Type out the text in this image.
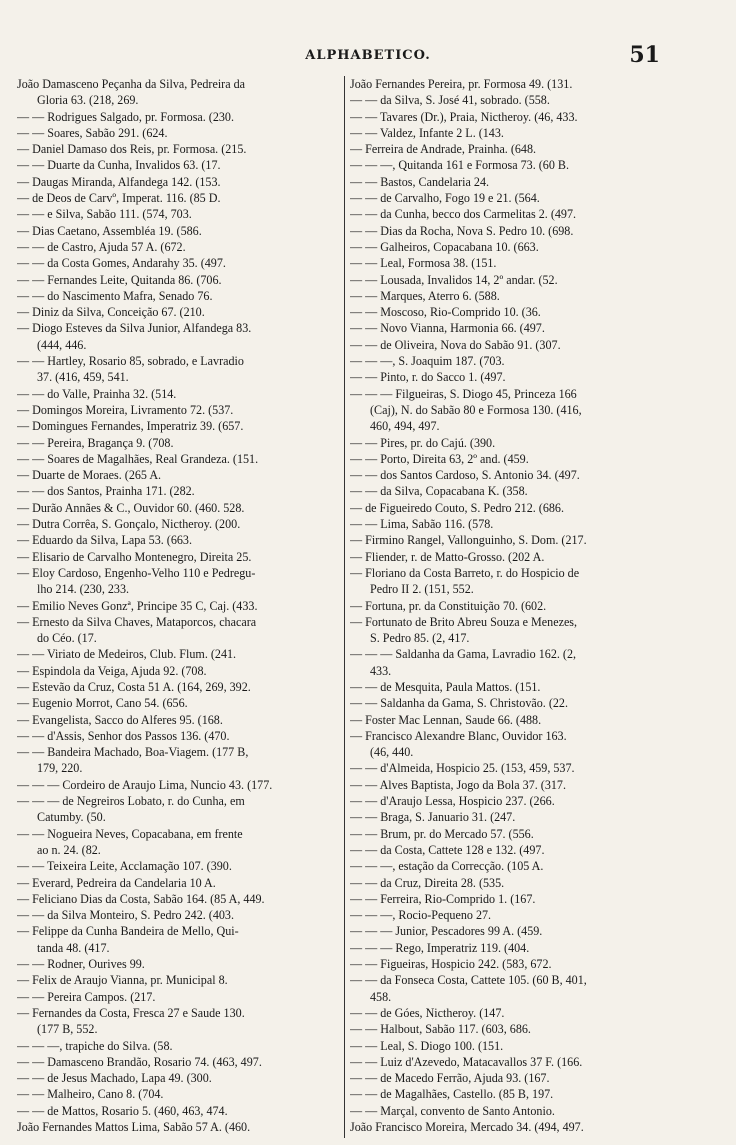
ALPHABETICO.	51
João Damasceno Peçanha da Silva, Pedreira da
Gloria 63. (218, 269.
— — Rodrigues Salgado, pr. Formosa. (230.
— — Soares, Sabão 291. (624.
— Daniel Damaso dos Reis, pr. Formosa. (215.
— — Duarte da Cunha, Invalidos 63. (17.
— Daugas Miranda, Alfandega 142. (153.
— de Deos de Carvº, Imperat. 116. (85 D.
— — e Silva, Sabão 111. (574, 703.
— Dias Caetano, Assembléa 19. (586.
— — de Castro, Ajuda 57 A. (672.
— — da Costa Gomes, Andarahy 35. (497.
— — Fernandes Leite, Quitanda 86. (706.
— — do Nascimento Mafra, Senado 76.
— Diniz da Silva, Conceição 67. (210.
— Diogo Esteves da Silva Junior, Alfandega 83.
(444, 446.
— — Hartley, Rosario 85, sobrado, e Lavradio
37. (416, 459, 541.
— — do Valle, Prainha 32. (514.
— Domingos Moreira, Livramento 72. (537.
— Domingues Fernandes, Imperatriz 39. (657.
— — Pereira, Bragança 9. (708.
— — Soares de Magalhães, Real Grandeza. (151.
— Duarte de Moraes. (265 A.
— — dos Santos, Prainha 171. (282.
— Durão Annães & C., Ouvidor 60. (460. 528.
— Dutra Corrêa, S. Gonçalo, Nictheroy. (200.
— Eduardo da Silva, Lapa 53. (663.
— Elisario de Carvalho Montenegro, Direita 25.
— Eloy Cardoso, Engenho-Velho 110 e Pedregu-
lho 214. (230, 233.
— Emilio Neves Gonzª, Principe 35 C, Caj. (433.
— Ernesto da Silva Chaves, Mataporcos, chacara
do Céo. (17.
— — Viriato de Medeiros, Club. Flum. (241.
— Espindola da Veiga, Ajuda 92. (708.
— Estevão da Cruz, Costa 51 A. (164, 269, 392.
— Eugenio Morrot, Cano 54. (656.
— Evangelista, Sacco do Alferes 95. (168.
— — d'Assis, Senhor dos Passos 136. (470.
— — Bandeira Machado, Boa-Viagem. (177 B,
179, 220.
— — — Cordeiro de Araujo Lima, Nuncio 43. (177.
— — — de Negreiros Lobato, r. do Cunha, em
Catumby. (50.
— — Nogueira Neves, Copacabana, em frente
ao n. 24. (82.
— — Teixeira Leite, Acclamação 107. (390.
— Everard, Pedreira da Candelaria 10 A.
— Feliciano Dias da Costa, Sabão 164. (85 A, 449.
— — da Silva Monteiro, S. Pedro 242. (403.
— Felippe da Cunha Bandeira de Mello, Qui-
tanda 48. (417.
— — Rodner, Ourives 99.
— Felix de Araujo Vianna, pr. Municipal 8.
— — Pereira Campos. (217.
— Fernandes da Costa, Fresca 27 e Saude 130.
(177 B, 552.
— — —, trapiche do Silva. (58.
— — Damasceno Brandão, Rosario 74. (463, 497.
— — de Jesus Machado, Lapa 49. (300.
— — Malheiro, Cano 8. (704.
— — de Mattos, Rosario 5. (460, 463, 474.
João Fernandes Mattos Lima, Sabão 57 A. (460.
João Fernandes Pereira, pr. Formosa 49. (131.
— — da Silva, S. José 41, sobrado. (558.
— — Tavares (Dr.), Praia, Nictheroy. (46, 433.
— — Valdez, Infante 2 L. (143.
— Ferreira de Andrade, Prainha. (648.
— — —, Quitanda 161 e Formosa 73. (60 B.
— — Bastos, Candelaria 24.
— — de Carvalho, Fogo 19 e 21. (564.
— — da Cunha, becco dos Carmelitas 2. (497.
— — Dias da Rocha, Nova S. Pedro 10. (698.
— — Galheiros, Copacabana 10. (663.
— — Leal, Formosa 38. (151.
— — Lousada, Invalidos 14, 2º andar. (52.
— — Marques, Aterro 6. (588.
— — Moscoso, Rio-Comprido 10. (36.
— — Novo Vianna, Harmonia 66. (497.
— — de Oliveira, Nova do Sabão 91. (307.
— — —, S. Joaquim 187. (703.
— — Pinto, r. do Sacco 1. (497.
— — — Filgueiras, S. Diogo 45, Princeza 166
(Caj), N. do Sabão 80 e Formosa 130. (416,
460, 494, 497.
— — Pires, pr. do Cajú. (390.
— — Porto, Direita 63, 2º and. (459.
— — dos Santos Cardoso, S. Antonio 34. (497.
— — da Silva, Copacabana K. (358.
— de Figueiredo Couto, S. Pedro 212. (686.
— — Lima, Sabão 116. (578.
— Firmino Rangel, Vallonguinho, S. Dom. (217.
— Fliender, r. de Matto-Grosso. (202 A.
— Floriano da Costa Barreto, r. do Hospicio de
Pedro II 2. (151, 552.
— Fortuna, pr. da Constituição 70. (602.
— Fortunato de Brito Abreu Souza e Menezes,
S. Pedro 85. (2, 417.
— — — Saldanha da Gama, Lavradio 162. (2,
433.
— — de Mesquita, Paula Mattos. (151.
— — Saldanha da Gama, S. Christovão. (22.
— Foster Mac Lennan, Saude 66. (488.
— Francisco Alexandre Blanc, Ouvidor 163.
(46, 440.
— — d'Almeida, Hospicio 25. (153, 459, 537.
— — Alves Baptista, Jogo da Bola 37. (317.
— — d'Araujo Lessa, Hospicio 237. (266.
— — Braga, S. Januario 31. (247.
— — Brum, pr. do Mercado 57. (556.
— — da Costa, Cattete 128 e 132. (497.
— — —, estação da Correcção. (105 A.
— — da Cruz, Direita 28. (535.
— — Ferreira, Rio-Comprido 1. (167.
— — —, Rocio-Pequeno 27.
— — — Junior, Pescadores 99 A. (459.
— — — Rego, Imperatriz 119. (404.
— — Figueiras, Hospicio 242. (583, 672.
— — da Fonseca Costa, Cattete 105. (60 B, 401,
458.
— — de Góes, Nictheroy. (147.
— — Halbout, Sabão 117. (603, 686.
— — Leal, S. Diogo 100. (151.
— — Luiz d'Azevedo, Matacavallos 37 F. (166.
— — de Macedo Ferrão, Ajuda 93. (167.
— — de Magalhães, Castello. (85 B, 197.
— — Marçal, convento de Santo Antonio.
João Francisco Moreira, Mercado 34. (494, 497.
